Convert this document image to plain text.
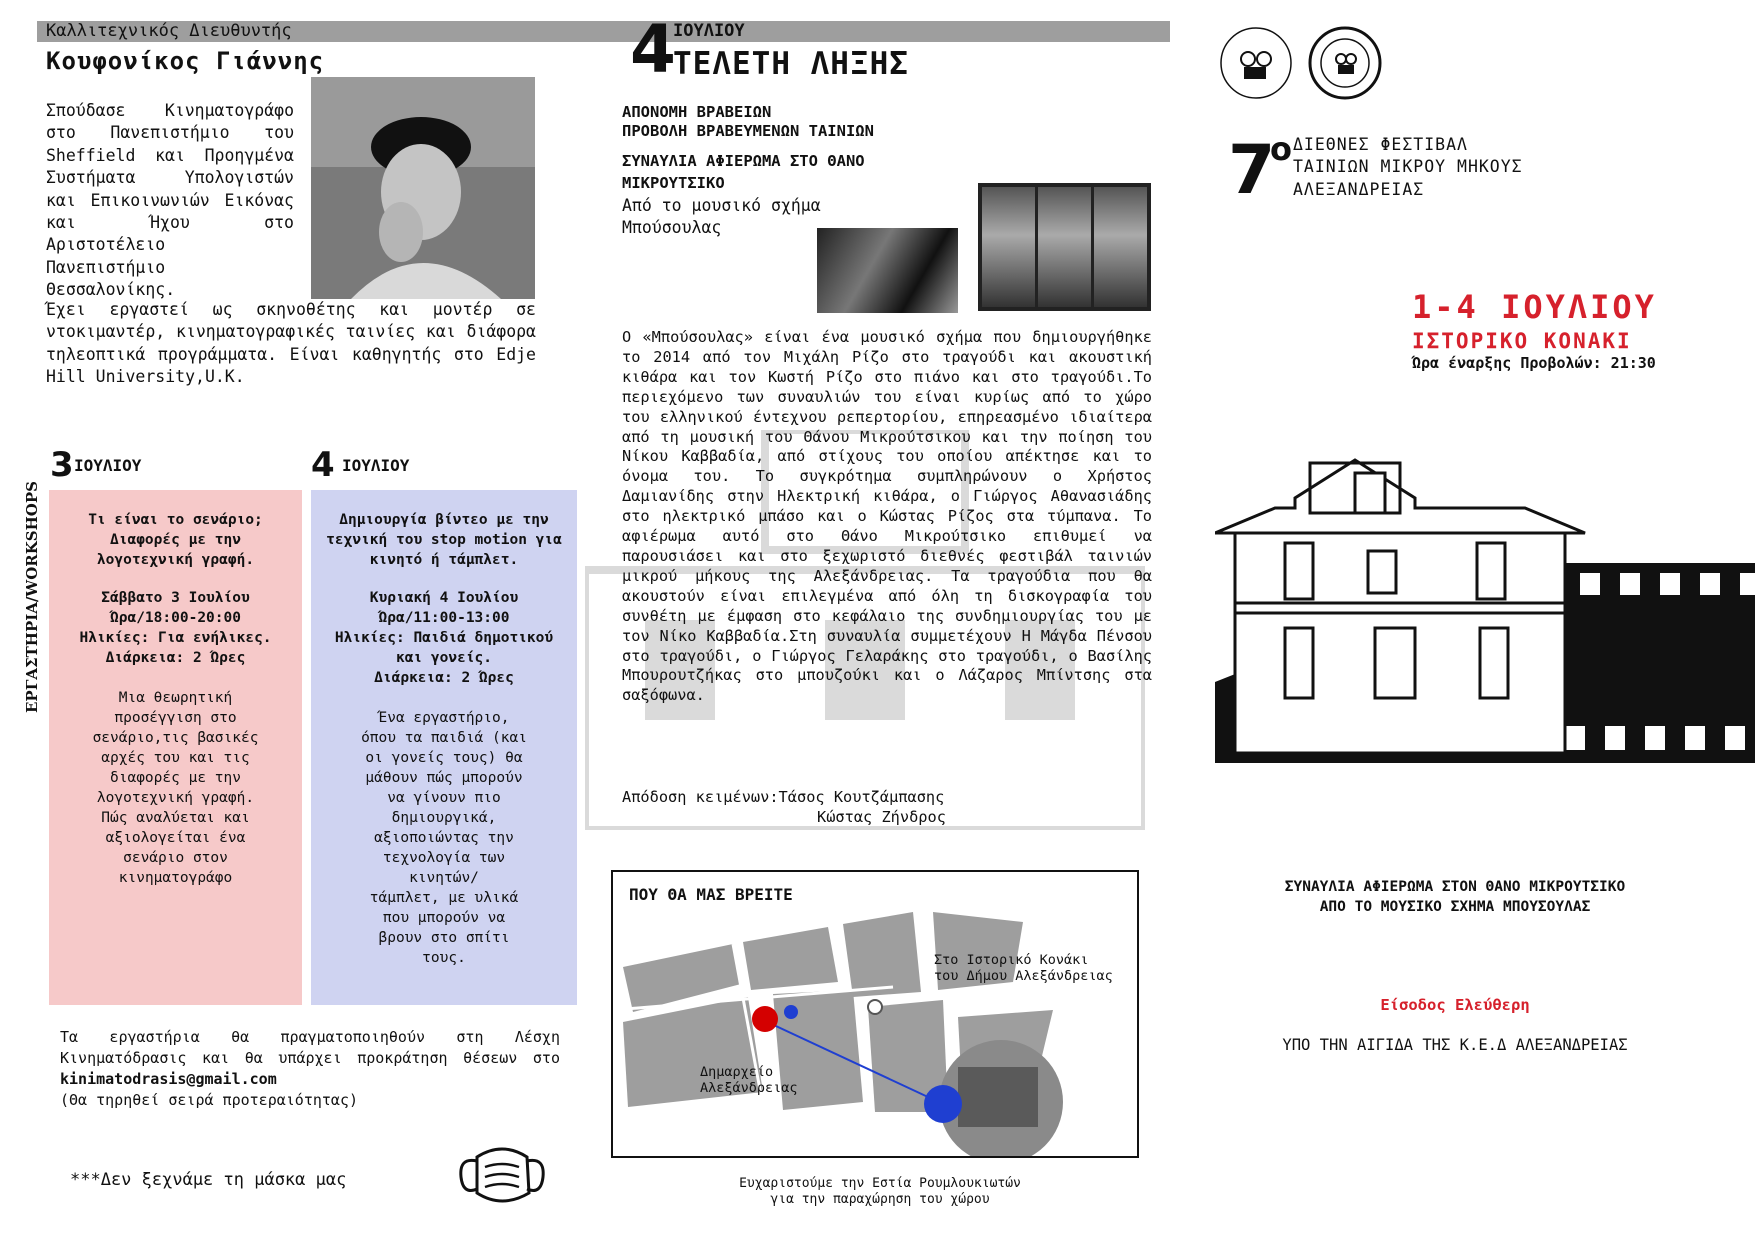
Καλλιτεχνικός Διευθυντής
Κουφονίκος Γιάννης
Σπούδασε Κινηματογράφο στο Πανεπιστήμιο του Sheffield και Προηγμένα Συστήματα Υπολογιστών και Επικοινωνιών Εικόνας και Ήχου στο Αριστοτέλειο Πανεπιστήμιο Θεσσαλονίκης.
Έχει εργαστεί ως σκηνοθέτης και μοντέρ σε ντοκιμαντέρ, κινηματογραφικές ταινίες και διάφορα τηλεοπτικά προγράμματα. Είναι καθηγητής στο Edje Hill University,U.K.
ΕΡΓΑΣΤΗΡΙΑ/WORKSHOPS
3 ΙΟΥΛΙΟΥ

Τι είναι το σενάριο; Διαφορές με την λογοτεχνική γραφή.

Σάββατο 3 Ιουλίου
Ώρα/18:00-20:00
Ηλικίες: Για ενήλικες.
Διάρκεια: 2 Ώρες

Μια θεωρητική
προσέγγιση στο
σενάριο,τις βασικές
αρχές του και τις
διαφορές με την
λογοτεχνική γραφή.
Πώς αναλύεται και
αξιολογείται ένα
σενάριο στον
κινηματογράφο

4 ΙΟΥΛΙΟΥ

Δημιουργία βίντεο με την τεχνική του stop motion για κινητό ή τάμπλετ.

Κυριακή 4 Ιουλίου
Ώρα/11:00-13:00
Ηλικίες: Παιδιά δημοτικού και γονείς.
Διάρκεια: 2 Ώρες

Ένα εργαστήριο,
όπου τα παιδιά (και
οι γονείς τους) θα
μάθουν πώς μπορούν
να γίνουν πιο
δημιουργικά,
αξιοποιώντας την
τεχνολογία των
κινητών/
τάμπλετ, με υλικά
που μπορούν να
βρουν στο σπίτι
τους.

Τα εργαστήρια θα πραγματοποιηθούν στη Λέσχη Κινηματόδρασις και θα υπάρχει προκράτηση θέσεων στο kinimatodrasis@gmail.com
(Θα τηρηθεί σειρά προτεραιότητας)
***Δεν ξεχνάμε τη μάσκα μας
4
ΙΟΥΛΙΟΥ
ΤΕΛΕΤΗ ΛΗΞΗΣ
ΑΠΟΝΟΜΗ ΒΡΑΒΕΙΩΝ
ΠΡΟΒΟΛΗ ΒΡΑΒΕΥΜΕΝΩΝ ΤΑΙΝΙΩΝ
ΣΥΝΑΥΛΙΑ ΑΦΙΕΡΩΜΑ ΣΤΟ ΘΑΝΟ ΜΙΚΡΟΥΤΣΙΚΟ
Από το μουσικό σχήμα Μπούσουλας
Ο «Μπούσουλας» είναι ένα μουσικό σχήμα που δημιουργήθηκε το 2014 από τον Μιχάλη Ρίζο στο τραγούδι και ακουστική κιθάρα και τον Κωστή Ρίζο στο πιάνο και στο τραγούδι.Το περιεχόμενο των συναυλιών του είναι κυρίως από το χώρο του ελληνικού έντεχνου ρεπερτορίου, επηρεασμένο ιδιαίτερα από τη μουσική του Θάνου Μικρούτσικου και την ποίηση του Νίκου Καββαδία, από στίχους του οποίου απέκτησε και το όνομα του. Το συγκρότημα συμπληρώνουν ο Χρήστος Δαμιανίδης στην Ηλεκτρική κιθάρα, ο Γιώργος Αθανασιάδης στο ηλεκτρικό μπάσο και ο Κώστας Ρίζος στα τύμπανα. Το αφιέρωμα αυτό στο Θάνο Μικρούτσικο επιθυμεί να παρουσιάσει και στο ξεχωριστό διεθνές φεστιβάλ ταινιών μικρού μήκους της Αλεξάνδρειας. Τα τραγούδια που θα ακουστούν είναι επιλεγμένα από όλη τη δισκογραφία του συνθέτη με έμφαση στο κεφάλαιο της συνδημιουργίας του με τον Νίκο Καββαδία.Στη συναυλία συμμετέχουν Η Μάγδα Πένσου στο τραγούδι, ο Γιώργος Γελαράκης στο τραγούδι, ο Βασίλης Μπουρουτζήκας στο μπουζούκι και ο Λάζαρος Μπίντσης στα σαξόφωνα.
Απόδοση κειμένων:Τάσος Κουτζάμπασης
Κώστας Ζήνδρος
ΠΟΥ ΘΑ ΜΑΣ ΒΡΕΙΤΕ
Στο Ιστορικό Κονάκι
του Δήμου Αλεξάνδρειας
Δημαρχείο
Αλεξάνδρειας
Ευχαριστούμε την Εστία Ρουμλουκιωτών
για την παραχώρηση του χώρου
7
ο ΔΙΕΘΝΕΣ ΦΕΣΤΙΒΑΛ
ΤΑΙΝΙΩΝ ΜΙΚΡΟΥ ΜΗΚΟΥΣ
ΑΛΕΞΑΝΔΡΕΙΑΣ
1-4 ΙΟΥΛΙΟΥ
ΙΣΤΟΡΙΚΟ ΚΟΝΑΚΙ
Ώρα έναρξης Προβολών: 21:30
ΣΥΝΑΥΛΙΑ ΑΦΙΕΡΩΜΑ ΣΤΟΝ ΘΑΝΟ ΜΙΚΡΟΥΤΣΙΚΟ
ΑΠΟ ΤΟ ΜΟΥΣΙΚΟ ΣΧΗΜΑ ΜΠΟΥΣΟΥΛΑΣ
Είσοδος Ελεύθερη
ΥΠΟ ΤΗΝ ΑΙΓΙΔΑ ΤΗΣ Κ.Ε.Δ ΑΛΕΞΑΝΔΡΕΙΑΣ
